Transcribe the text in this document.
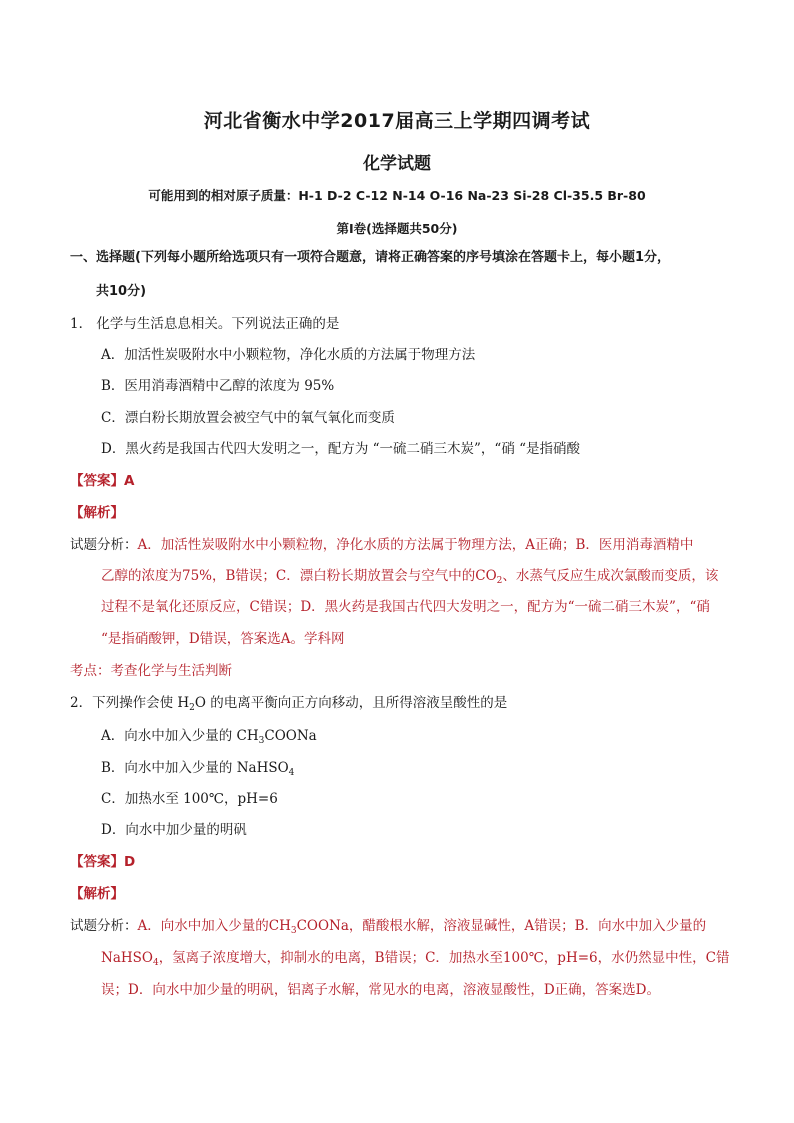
河北省衡水中学2017届高三上学期四调考试
化学试题
可能用到的相对原子质量：H-1 D-2 C-12 N-14 O-16 Na-23 Si-28 Cl-35.5 Br-80
第Ⅰ卷(选择题共50分)
一、选择题(下列每小题所给选项只有一项符合题意，请将正确答案的序号填涂在答题卡上，每小题1分，
共10分)
1． 化学与生活息息相关。下列说法正确的是
A．加活性炭吸附水中小颗粒物，净化水质的方法属于物理方法
B．医用消毒酒精中乙醇的浓度为 95%
C．漂白粉长期放置会被空气中的氧气氧化而变质
D．黑火药是我国古代四大发明之一，配方为 “一硫二硝三木炭”，“硝 “是指硝酸
【答案】A
【解析】
试题分析：A．加活性炭吸附水中小颗粒物，净化水质的方法属于物理方法，A正确；B．医用消毒酒精中
乙醇的浓度为75%，B错误；C．漂白粉长期放置会与空气中的$CO_2$、水蒸气反应生成次氯酸而变质，该
过程不是氧化还原反应，C错误；D．黑火药是我国古代四大发明之一，配方为“一硫二硝三木炭”，“硝
“是指硝酸钾，D错误，答案选A。学科网
考点：考查化学与生活判断
2．下列操作会使 $H_2O$ 的电离平衡向正方向移动，且所得溶液呈酸性的是
A．向水中加入少量的 $CH_3COONa$
B．向水中加入少量的 NaHSO$_4$
C．加热水至 100℃，pH=6
D．向水中加少量的明矾
【答案】D
【解析】
试题分析：A．向水中加入少量的$CH_3COONa$，醋酸根水解，溶液显碱性，A错误；B．向水中加入少量的
NaHSO$_4$，氢离子浓度增大，抑制水的电离，B错误；C．加热水至100℃，pH=6，水仍然显中性，C错
误；D．向水中加少量的明矾，铝离子水解，常见水的电离，溶液显酸性，D正确，答案选D。
